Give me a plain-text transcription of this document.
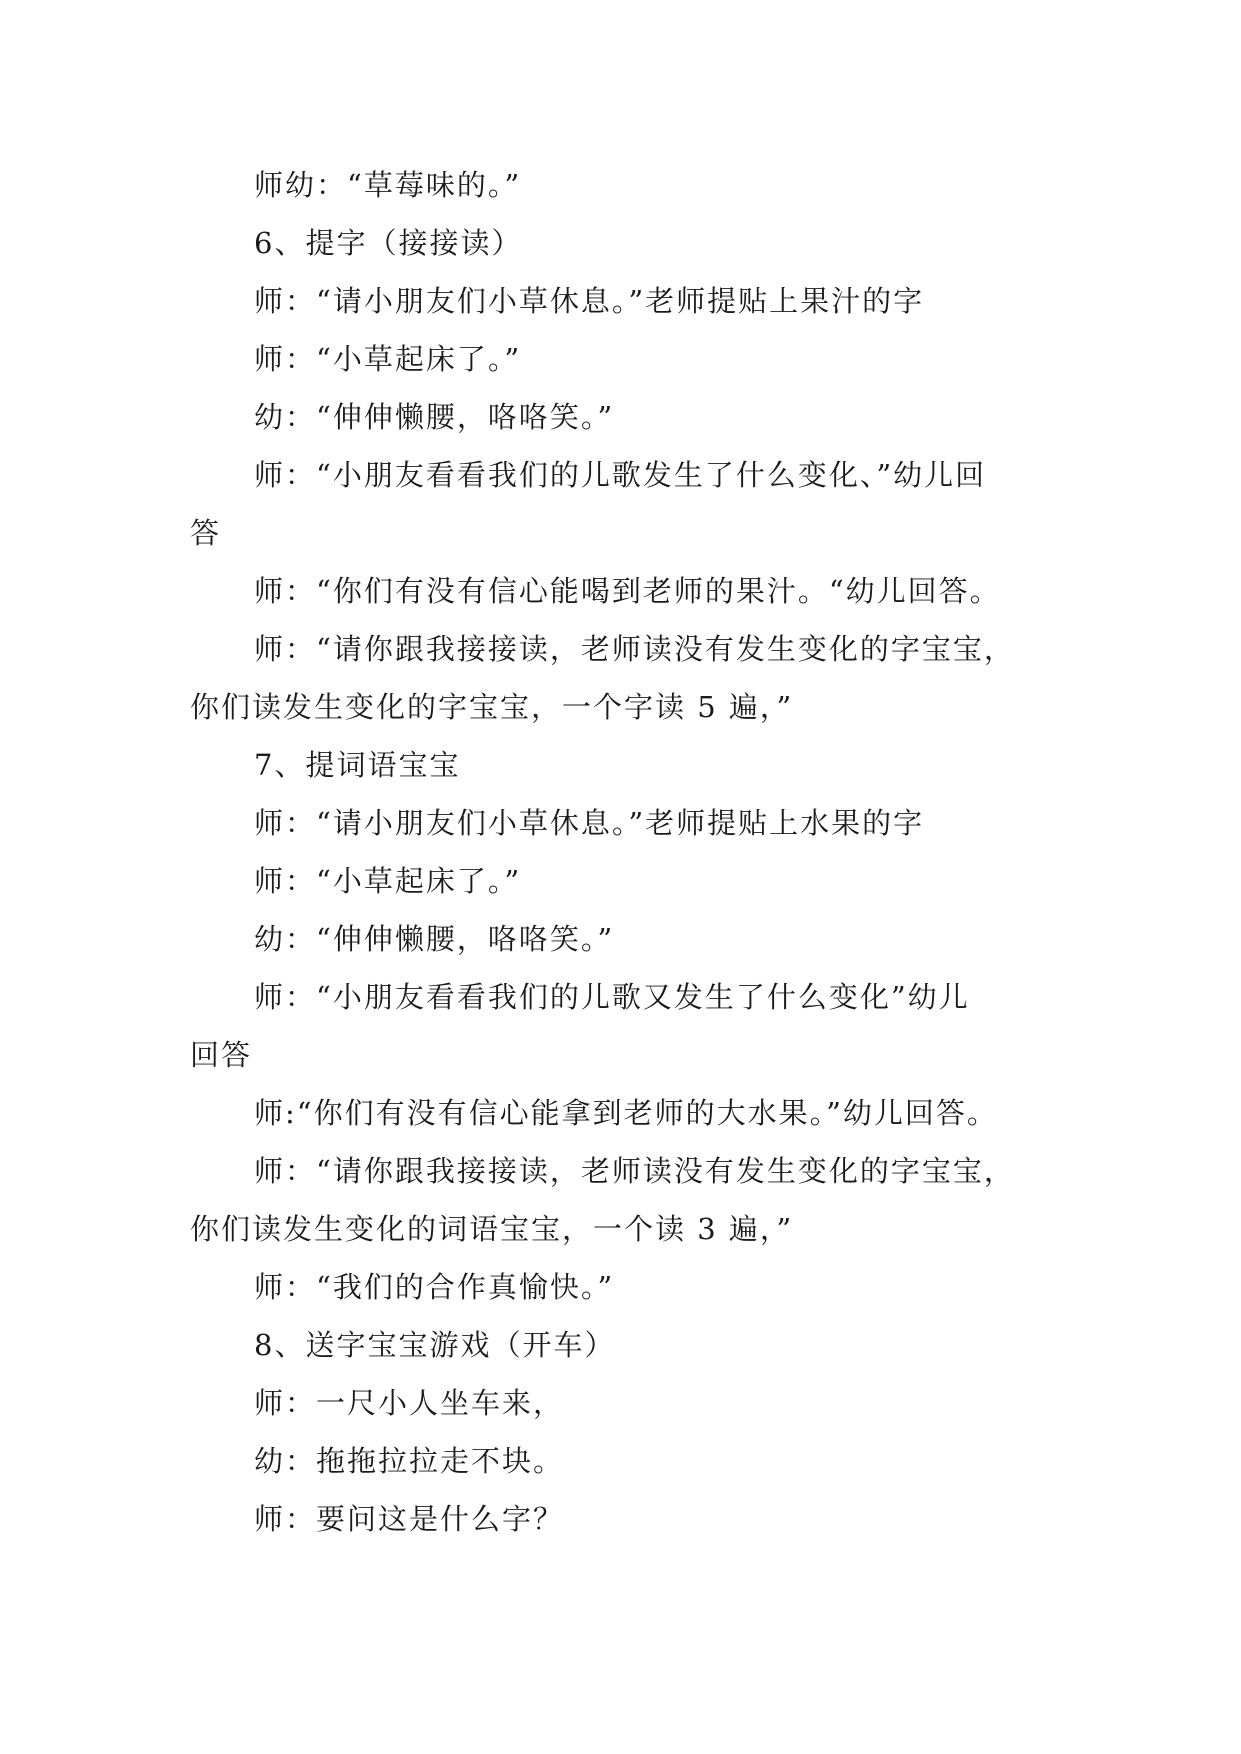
师幼：“草莓味的。”
6、提字（接接读）
师：“请小朋友们小草休息。”老师提贴上果汁的字
师：“小草起床了。”
幼：“伸伸懒腰，咯咯笑。”
师：“小朋友看看我们的儿歌发生了什么变化、”幼儿回
答
师：“你们有没有信心能喝到老师的果汁。“幼儿回答。
师：“请你跟我接接读，老师读没有发生变化的字宝宝，
你们读发生变化的字宝宝，一个字读 5 遍，”
7、提词语宝宝
师：“请小朋友们小草休息。”老师提贴上水果的字
师：“小草起床了。”
幼：“伸伸懒腰，咯咯笑。”
师：“小朋友看看我们的儿歌又发生了什么变化”幼儿
回答
师:“你们有没有信心能拿到老师的大水果。”幼儿回答。
师：“请你跟我接接读，老师读没有发生变化的字宝宝，
你们读发生变化的词语宝宝，一个读 3 遍，”
师：“我们的合作真愉快。”
8、送字宝宝游戏（开车）
师：一尺小人坐车来，
幼：拖拖拉拉走不块。
师：要问这是什么字？
